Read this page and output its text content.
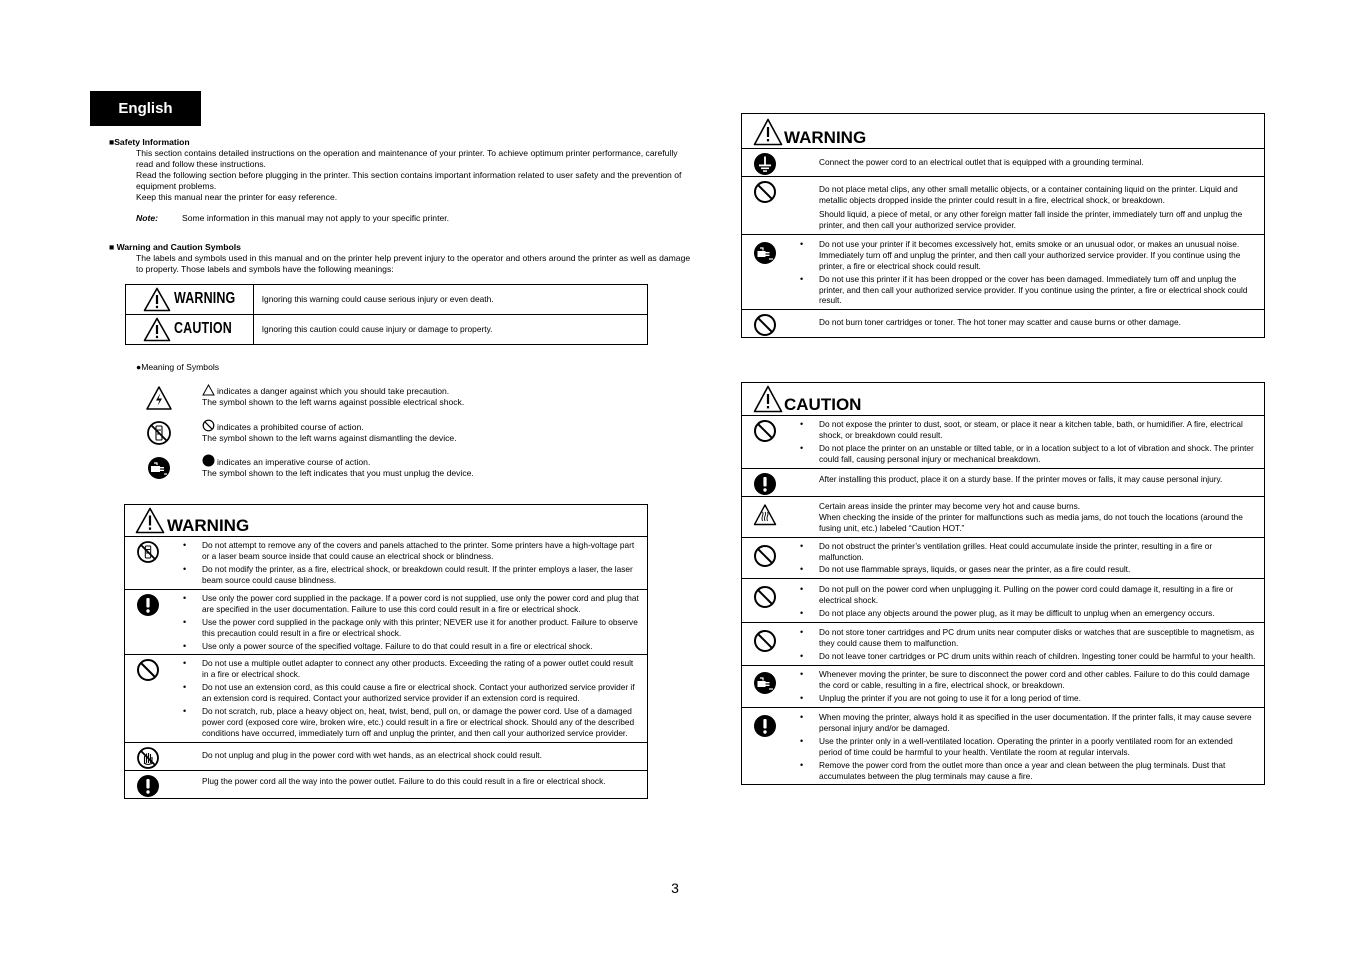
English
■Safety Information

This section contains detailed instructions on the operation and maintenance of your printer. To achieve optimum printer performance, carefully read and follow these instructions.

Read the following section before plugging in the printer. This section contains important information related to user safety and the prevention of equipment problems.

Keep this manual near the printer for easy reference.

Note:	Some information in this manual may not apply to your specific printer.
■ Warning and Caution Symbols
The labels and symbols used in this manual and on the printer help prevent injury to the operator and others around the printer as well as damage to property. Those labels and symbols have the following meanings:
WARNING	Ignoring this warning could cause serious injury or even death.

CAUTION	Ignoring this caution could cause injury or damage to property.
●Meaning of Symbols
indicates a danger against which you should take precaution.
The symbol shown to the left warns against possible electrical shock.
indicates a prohibited course of action.
The symbol shown to the left warns against dismantling the device.
indicates an imperative course of action.
The symbol shown to the left indicates that you must unplug the device.
WARNING
• Do not attempt to remove any of the covers and panels attached to the printer. Some printers have a high-voltage part or a laser beam source inside that could cause an electrical shock or blindness.
• Do not modify the printer, as a fire, electrical shock, or breakdown could result. If the printer employs a laser, the laser beam source could cause blindness.
• Use only the power cord supplied in the package. If a power cord is not supplied, use only the power cord and plug that are specified in the user documentation. Failure to use this cord could result in a fire or electrical shock.
• Use the power cord supplied in the package only with this printer; NEVER use it for another product. Failure to observe this precaution could result in a fire or electrical shock.
• Use only a power source of the specified voltage. Failure to do that could result in a fire or electrical shock.
• Do not use a multiple outlet adapter to connect any other products. Exceeding the rating of a power outlet could result in a fire or electrical shock.
• Do not use an extension cord, as this could cause a fire or electrical shock. Contact your authorized service provider if an extension cord is required. Contact your authorized service provider if an extension cord is required.
• Do not scratch, rub, place a heavy object on, heat, twist, bend, pull on, or damage the power cord. Use of a damaged power cord (exposed core wire, broken wire, etc.) could result in a fire or electrical shock. Should any of the described conditions have occurred, immediately turn off and unplug the printer, and then call your authorized service provider.
Do not unplug and plug in the power cord with wet hands, as an electrical shock could result.
Plug the power cord all the way into the power outlet. Failure to do this could result in a fire or electrical shock.
WARNING
Connect the power cord to an electrical outlet that is equipped with a grounding terminal.

Do not place metal clips, any other small metallic objects, or a container containing liquid on the printer. Liquid and metallic objects dropped inside the printer could result in a fire, electrical shock, or breakdown.

Should liquid, a piece of metal, or any other foreign matter fall inside the printer, immediately turn off and unplug the printer, and then call your authorized service provider.

• Do not use your printer if it becomes excessively hot, emits smoke or an unusual odor, or makes an unusual noise. Immediately turn off and unplug the printer, and then call your authorized service provider. If you continue using the printer, a fire or electrical shock could result.
• Do not use this printer if it has been dropped or the cover has been damaged. Immediately turn off and unplug the printer, and then call your authorized service provider. If you continue using the printer, a fire or electrical shock could result.
Do not burn toner cartridges or toner. The hot toner may scatter and cause burns or other damage.
CAUTION
• Do not expose the printer to dust, soot, or steam, or place it near a kitchen table, bath, or humidifier. A fire, electrical shock, or breakdown could result.
• Do not place the printer on an unstable or tilted table, or in a location subject to a lot of vibration and shock. The printer could fall, causing personal injury or mechanical breakdown.
After installing this product, place it on a sturdy base. If the printer moves or falls, it may cause personal injury.
Certain areas inside the printer may become very hot and cause burns.
When checking the inside of the printer for malfunctions such as media jams, do not touch the locations (around the fusing unit, etc.) labeled “Caution HOT.”
• Do not obstruct the printer’s ventilation grilles. Heat could accumulate inside the printer, resulting in a fire or malfunction.
• Do not use flammable sprays, liquids, or gases near the printer, as a fire could result.
• Do not pull on the power cord when unplugging it. Pulling on the power cord could damage it, resulting in a fire or electrical shock.
• Do not place any objects around the power plug, as it may be difficult to unplug when an emergency occurs.
• Do not store toner cartridges and PC drum units near computer disks or watches that are susceptible to magnetism, as they could cause them to malfunction.
• Do not leave toner cartridges or PC drum units within reach of children. Ingesting toner could be harmful to your health.
• Whenever moving the printer, be sure to disconnect the power cord and other cables. Failure to do this could damage the cord or cable, resulting in a fire, electrical shock, or breakdown.
• Unplug the printer if you are not going to use it for a long period of time.
• When moving the printer, always hold it as specified in the user documentation. If the printer falls, it may cause severe personal injury and/or be damaged.
• Use the printer only in a well-ventilated location. Operating the printer in a poorly ventilated room for an extended period of time could be harmful to your health. Ventilate the room at regular intervals.
• Remove the power cord from the outlet more than once a year and clean between the plug terminals. Dust that accumulates between the plug terminals may cause a fire.
3
